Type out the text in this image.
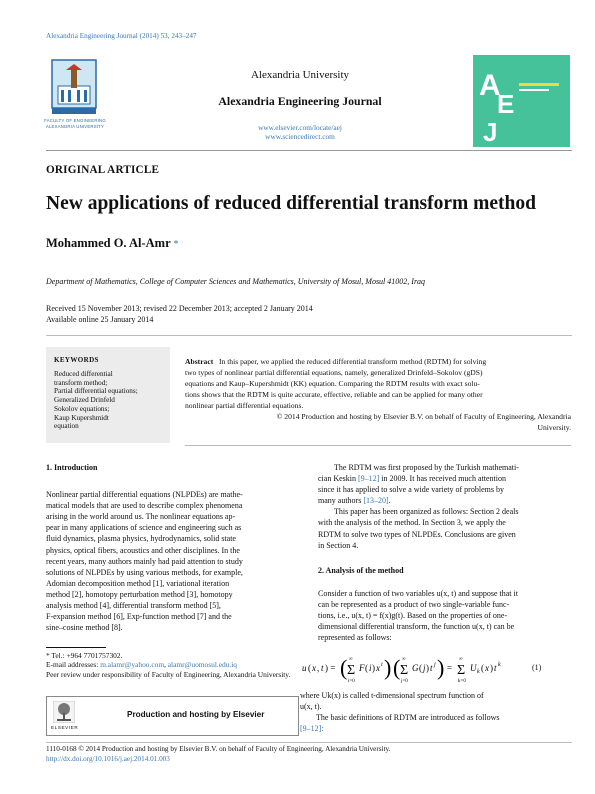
Alexandria Engineering Journal (2014) 53, 243–247
FACULTY OF ENGINEERING ALEXANDRIA UNIVERSITY
Alexandria University
Alexandria Engineering Journal
www.elsevier.com/locate/aej
www.sciencedirect.com
A
E
J
ORIGINAL ARTICLE
New applications of reduced differential transform method
Mohammed O. Al-Amr *
Department of Mathematics, College of Computer Sciences and Mathematics, University of Mosul, Mosul 41002, Iraq
Received 15 November 2013; revised 22 December 2013; accepted 2 January 2014
Available online 25 January 2014
KEYWORDS
Reduced differential
transform method;
Partial differential equations;
Generalized Drinfeld
Sokolov equations;
Kaup Kupershmidt
equation
Abstract In this paper, we applied the reduced differential transform method (RDTM) for solving
two types of nonlinear partial differential equations, namely, generalized Drinfeld–Sokolov (gDS)
equations and Kaup–Kupershmidt (KK) equation. Comparing the RDTM results with exact solu-
tions shows that the RDTM is quite accurate, effective, reliable and can be applied for many other
nonlinear partial differential equations.
© 2014 Production and hosting by Elsevier B.V. on behalf of Faculty of Engineering, Alexandria
University.

1. Introduction

Nonlinear partial differential equations (NLPDEs) are mathe-

matical models that are used to describe complex phenomena

arising in the world around us. The nonlinear equations ap-

pear in many applications of science and engineering such as

fluid dynamics, plasma physics, hydrodynamics, solid state

physics, optical fibers, acoustics and other disciplines. In the

recent years, many authors mainly had paid attention to study

solutions of NLPDEs by using various methods, for example,

Adomian decomposition method [1], variational iteration

method [2], homotopy perturbation method [3], homotopy

analysis method [4], differential transform method [5],

F-expansion method [6], Exp-function method [7] and the

sine–cosine method [8].

* Tel.: +964 7701757302.
E-mail addresses: m.alamr@yahoo.com, alamr@uomosul.edu.iq
Peer review under responsibility of Faculty of Engineering, Alexandria University.
ELSEVIER
Production and hosting by Elsevier

The RDTM was first proposed by the Turkish mathemati-

cian Keskin [9–12] in 2009. It has received much attention

since it has applied to solve a wide variety of problems by

many authors [13–20].

This paper has been organized as follows: Section 2 deals

with the analysis of the method. In Section 3, we apply the

RDTM to solve two types of NLPDEs. Conclusions are given

in Section 4.

2. Analysis of the method

Consider a function of two variables u(x, t) and suppose that it

can be represented as a product of two single-variable func-

tions, i.e., u(x, t) = f(x)g(t). Based on the properties of one-

dimensional differential transform, the function u(x, t) can be

represented as follows:

u ( x , t ) = ( Σ
∞
i=0
F ( i ) x i ) ( Σ
∞
j=0
G ( j ) t j ) = Σ
∞
k=0
U k ( x ) t k	(1)

where Uk(x) is called t-dimensional spectrum function of

u(x, t).

The basic definitions of RDTM are introduced as follows

[9–12]:

1110-0168 © 2014 Production and hosting by Elsevier B.V. on behalf of Faculty of Engineering, Alexandria University.
http://dx.doi.org/10.1016/j.aej.2014.01.003
